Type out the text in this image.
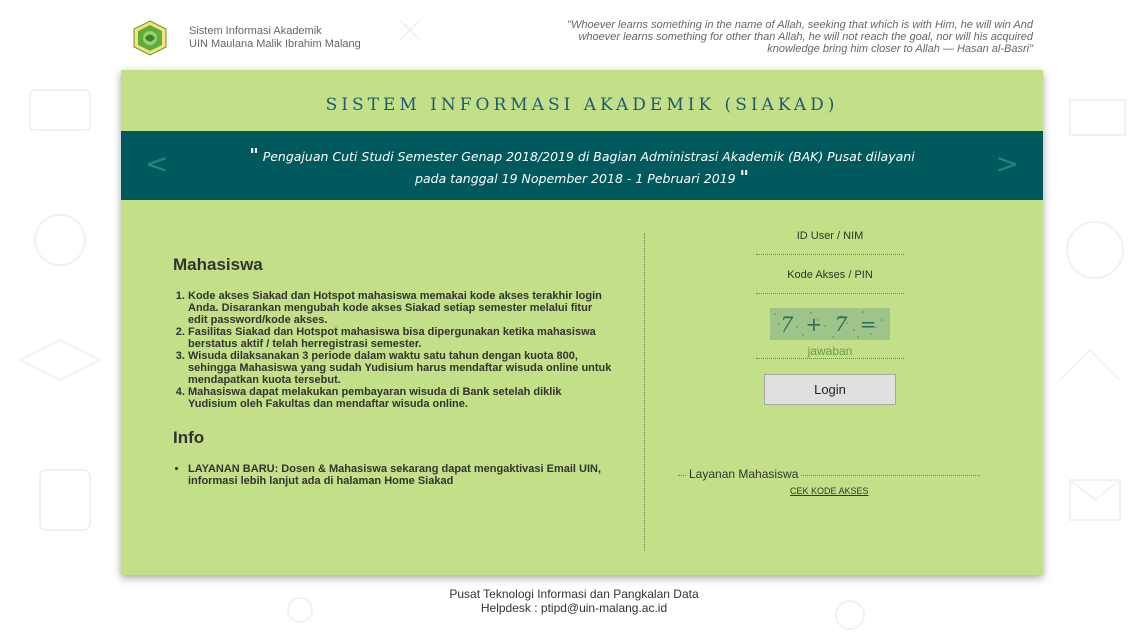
Sistem Informasi Akademik
UIN Maulana Malik Ibrahim Malang
"Whoever learns something in the name of Allah, seeking that which is with Him, he will win And whoever learns something for other than Allah, he will not reach the goal, nor will his acquired knowledge bring him closer to Allah — Hasan al-Basri"
SISTEM INFORMASI AKADEMIK (SIAKAD)
<	" Pengajuan Cuti Studi Semester Genap 2018/2019 di Bagian Administrasi Akademik (BAK) Pusat dilayani
pada tanggal 19 Nopember 2018 - 1 Pebruari 2019 "	>
Mahasiswa
1. Kode akses Siakad dan Hotspot mahasiswa memakai kode akses terakhir login Anda. Disarankan mengubah kode akses Siakad setiap semester melalui fitur edit password/kode akses.
2. Fasilitas Siakad dan Hotspot mahasiswa bisa dipergunakan ketika mahasiswa berstatus aktif / telah herregistrasi semester.
3. Wisuda dilaksanakan 3 periode dalam waktu satu tahun dengan kuota 800, sehingga Mahasiswa yang sudah Yudisium harus mendaftar wisuda online untuk mendapatkan kuota tersebut.
4. Mahasiswa dapat melakukan pembayaran wisuda di Bank setelah diklik Yudisium oleh Fakultas dan mendaftar wisuda online.
Info
• LAYANAN BARU: Dosen & Mahasiswa sekarang dapat mengaktivasi Email UIN, informasi lebih lanjut ada di halaman Home Siakad
ID User / NIM
Kode Akses / PIN
7 + 7 =
jawaban
Login
Layanan Mahasiswa
CEK KODE AKSES
Pusat Teknologi Informasi dan Pangkalan Data
Helpdesk : ptipd@uin-malang.ac.id
